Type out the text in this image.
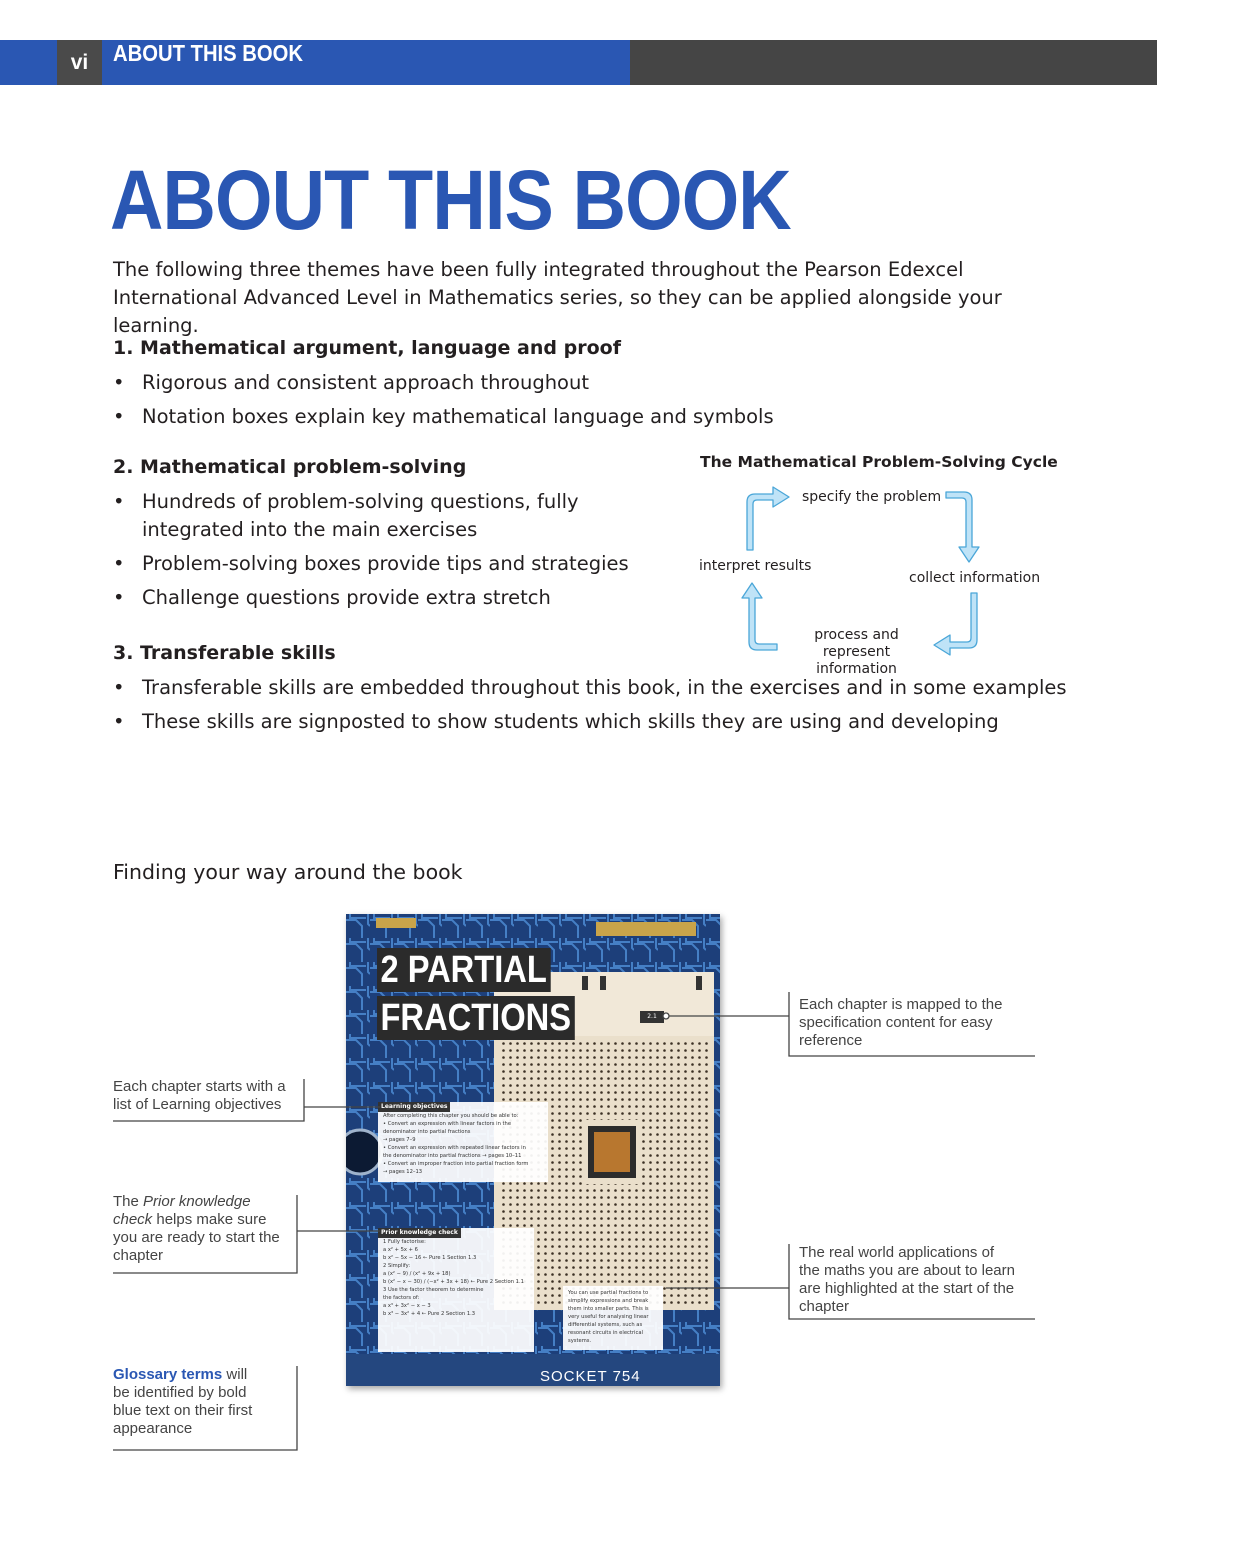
vi	ABOUT THIS BOOK
ABOUT THIS BOOK

The following three themes have been fully integrated throughout the Pearson Edexcel International Advanced Level in Mathematics series, so they can be applied alongside your learning.

1. Mathematical argument, language and proof
• Rigorous and consistent approach throughout
• Notation boxes explain key mathematical language and symbols
2. Mathematical problem-solving
• Hundreds of problem-solving questions, fully integrated into the main exercises
• Problem-solving boxes provide tips and strategies
• Challenge questions provide extra stretch
3. Transferable skills
• Transferable skills are embedded throughout this book, in the exercises and in some examples
• These skills are signposted to show students which skills they are using and developing
The Mathematical Problem-Solving Cycle
specify the problem
interpret results
collect information
process and
represent information
Finding your way around the book
2 PARTIAL
FRACTIONS	2.1
Learning objectives
After completing this chapter you should be able to:
• Convert an expression with linear factors in the
denominator into partial fractions
→ pages 7–9
• Convert an expression with repeated linear factors in
the denominator into partial fractions → pages 10–11
• Convert an improper fraction into partial fraction form
→ pages 12–13
Prior knowledge check
1 Fully factorise:
a x² + 5x + 6
b x² − 5x − 16 ← Pure 1 Section 1.3
2 Simplify:
a (x² − 9) / (x² + 9x + 18)
b (x² − x − 30) / (−x² + 3x + 18) ← Pure 2 Section 1.1
3 Use the factor theorem to determine
the factors of:
a x³ + 3x² − x − 3
b x³ − 3x² + 4 ← Pure 2 Section 1.3
You can use partial fractions to
simplify expressions and break
them into smaller parts. This is
very useful for analysing linear
differential systems, such as
resonant circuits in electrical
systems.
SOCKET 754

Each chapter starts with a
list of Learning objectives

The Prior knowledge
check helps make sure
you are ready to start the
chapter

Glossary terms will
be identified by bold
blue text on their first
appearance

Each chapter is mapped to the
specification content for easy
reference

The real world applications of
the maths you are about to learn
are highlighted at the start of the
chapter
